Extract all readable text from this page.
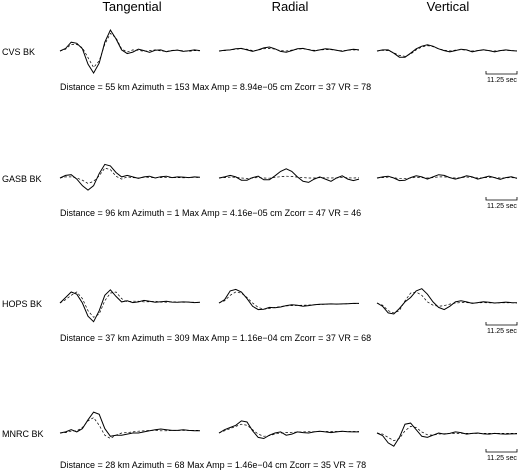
Tangential	Radial	Vertical
CVS BK
11.25 sec
Distance = 55 km Azimuth = 153 Max Amp = 8.94e−05 cm Zcorr = 37 VR = 78
GASB BK
11.25 sec
Distance = 96 km Azimuth = 1 Max Amp = 4.16e−05 cm Zcorr = 47 VR = 46
HOPS BK
11.25 sec
Distance = 37 km Azimuth = 309 Max Amp = 1.16e−04 cm Zcorr = 37 VR = 68
MNRC BK
11.25 sec
Distance = 28 km Azimuth = 68 Max Amp = 1.46e−04 cm Zcorr = 35 VR = 78
